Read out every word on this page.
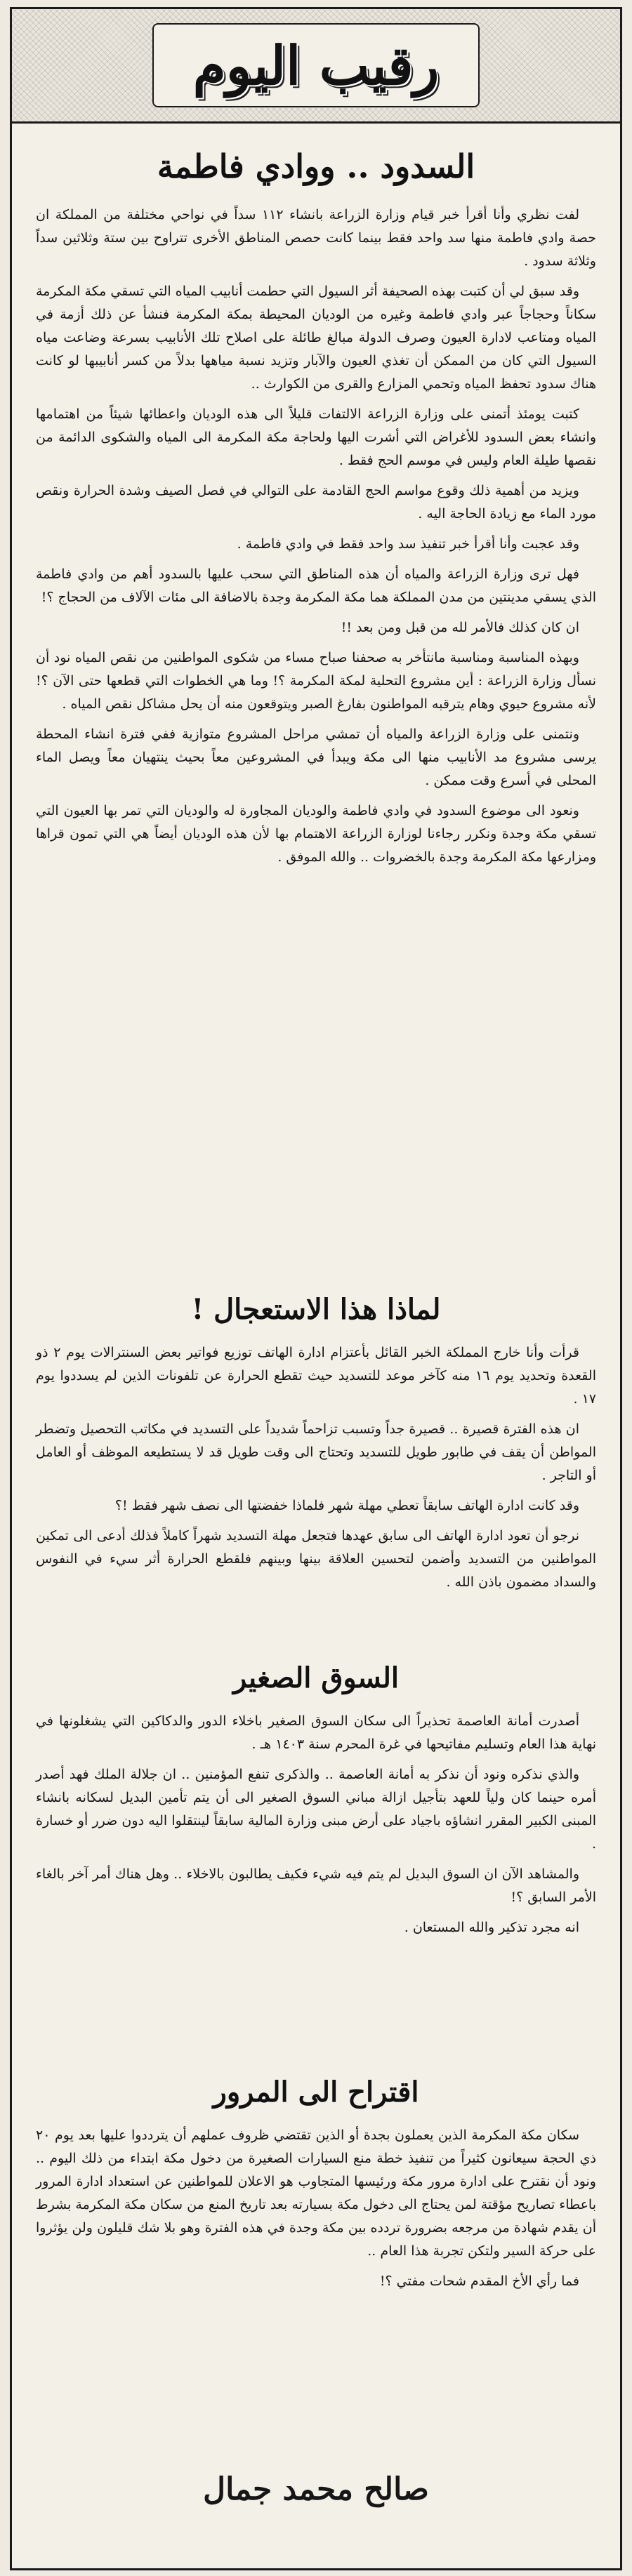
رقيب اليوم
السدود .. ووادي فاطمة

لفت نظري وأنا أقرأ خبر قيام وزارة الزراعة بانشاء ١١٢ سداً في نواحي مختلفة من المملكة ان حصة وادي فاطمة منها سد واحد فقط بينما كانت حصص المناطق الأخرى تتراوح بين ستة وثلاثين سداً وثلاثة سدود .

وقد سبق لي أن كتبت بهذه الصحيفة أثر السيول التي حطمت أنابيب المياه التي تسقي مكة المكرمة سكاناً وحجاجاً عبر وادي فاطمة وغيره من الوديان المحيطة بمكة المكرمة فنشأ عن ذلك أزمة في المياه ومتاعب لادارة العيون وصرف الدولة مبالغ طائلة على اصلاح تلك الأنابيب بسرعة وضاعت مياه السيول التي كان من الممكن أن تغذي العيون والآبار وتزيد نسبة مياهها بدلاً من كسر أنابيبها لو كانت هناك سدود تحفظ المياه وتحمي المزارع والقرى من الكوارث ..

كتبت يومئذ أتمنى على وزارة الزراعة الالتفات قليلاً الى هذه الوديان واعطائها شيئاً من اهتمامها وانشاء بعض السدود للأغراض التي أشرت اليها ولحاجة مكة المكرمة الى المياه والشكوى الدائمة من نقصها طيلة العام وليس في موسم الحج فقط .

ويزيد من أهمية ذلك وقوع مواسم الحج القادمة على التوالي في فصل الصيف وشدة الحرارة ونقص مورد الماء مع زيادة الحاجة اليه .

وقد عجبت وأنا أقرأ خبر تنفيذ سد واحد فقط في وادي فاطمة .

فهل ترى وزارة الزراعة والمياه أن هذه المناطق التي سحب عليها بالسدود أهم من وادي فاطمة الذي يسقي مدينتين من مدن المملكة هما مكة المكرمة وجدة بالاضافة الى مئات الآلاف من الحجاج ؟!

ان كان كذلك فالأمر لله من قبل ومن بعد !!

وبهذه المناسبة ومناسبة مانتأخر به صحفنا صباح مساء من شكوى المواطنين من نقص المياه نود أن نسأل وزارة الزراعة : أين مشروع التحلية لمكة المكرمة ؟! وما هي الخطوات التي قطعها حتى الآن ؟! لأنه مشروع حيوي وهام يترقبه المواطنون بفارغ الصبر ويتوقعون منه أن يحل مشاكل نقص المياه .

ونتمنى على وزارة الزراعة والمياه أن تمشي مراحل المشروع متوازية ففي فترة انشاء المحطة يرسى مشروع مد الأنابيب منها الى مكة ويبدأ في المشروعين معاً بحيث ينتهيان معاً ويصل الماء المحلى في أسرع وقت ممكن .

ونعود الى موضوع السدود في وادي فاطمة والوديان المجاورة له والوديان التي تمر بها العيون التي تسقي مكة وجدة ونكرر رجاءنا لوزارة الزراعة الاهتمام بها لأن هذه الوديان أيضاً هي التي تمون قراها ومزارعها مكة المكرمة وجدة بالخضروات .. والله الموفق .

لماذا هذا الاستعجال !

قرأت وأنا خارج المملكة الخبر القائل بأعتزام ادارة الهاتف توزيع فواتير بعض السنترالات يوم ٢ ذو القعدة وتحديد يوم ١٦ منه كآخر موعد للتسديد حيث تقطع الحرارة عن تلفونات الذين لم يسددوا يوم ١٧ .

ان هذه الفترة قصيرة .. قصيرة جداً وتسبب تزاحماً شديداً على التسديد في مكاتب التحصيل وتضطر المواطن أن يقف في طابور طويل للتسديد وتحتاج الى وقت طويل قد لا يستطيعه الموظف أو العامل أو التاجر .

وقد كانت ادارة الهاتف سابقاً تعطي مهلة شهر فلماذا خفضتها الى نصف شهر فقط !؟

نرجو أن تعود ادارة الهاتف الى سابق عهدها فتجعل مهلة التسديد شهراً كاملاً فذلك أدعى الى تمكين المواطنين من التسديد وأضمن لتحسين العلاقة بينها وبينهم فلقطع الحرارة أثر سيء في النفوس والسداد مضمون باذن الله .

السوق الصغير

أصدرت أمانة العاصمة تحذيراً الى سكان السوق الصغير باخلاء الدور والدكاكين التي يشغلونها في نهاية هذا العام وتسليم مفاتيحها في غرة المحرم سنة ١٤٠٣ هـ .

والذي نذكره ونود أن نذكر به أمانة العاصمة .. والذكرى تنفع المؤمنين .. ان جلالة الملك فهد أصدر أمره حينما كان ولياً للعهد بتأجيل ازالة مباني السوق الصغير الى أن يتم تأمين البديل لسكانه بانشاء المبنى الكبير المقرر انشاؤه باجياد على أرض مبنى وزارة المالية سابقاً لينتقلوا اليه دون ضرر أو خسارة .

والمشاهد الآن ان السوق البديل لم يتم فيه شيء فكيف يطالبون بالاخلاء .. وهل هناك أمر آخر بالغاء الأمر السابق ؟!

انه مجرد تذكير والله المستعان .

اقتراح الى المرور

سكان مكة المكرمة الذين يعملون بجدة أو الذين تقتضي ظروف عملهم أن يترددوا عليها بعد يوم ٢٠ ذي الحجة سيعانون كثيراً من تنفيذ خطة منع السيارات الصغيرة من دخول مكة ابتداء من ذلك اليوم .. ونود أن نقترح على ادارة مرور مكة ورئيسها المتجاوب هو الاعلان للمواطنين عن استعداد ادارة المرور باعطاء تصاريح مؤقتة لمن يحتاج الى دخول مكة بسيارته بعد تاريخ المنع من سكان مكة المكرمة بشرط أن يقدم شهادة من مرجعه بضرورة تردده بين مكة وجدة في هذه الفترة وهو بلا شك قليلون ولن يؤثروا على حركة السير ولتكن تجربة هذا العام ..

فما رأي الأخ المقدم شحات مفتي ؟!

صالح محمد جمال
